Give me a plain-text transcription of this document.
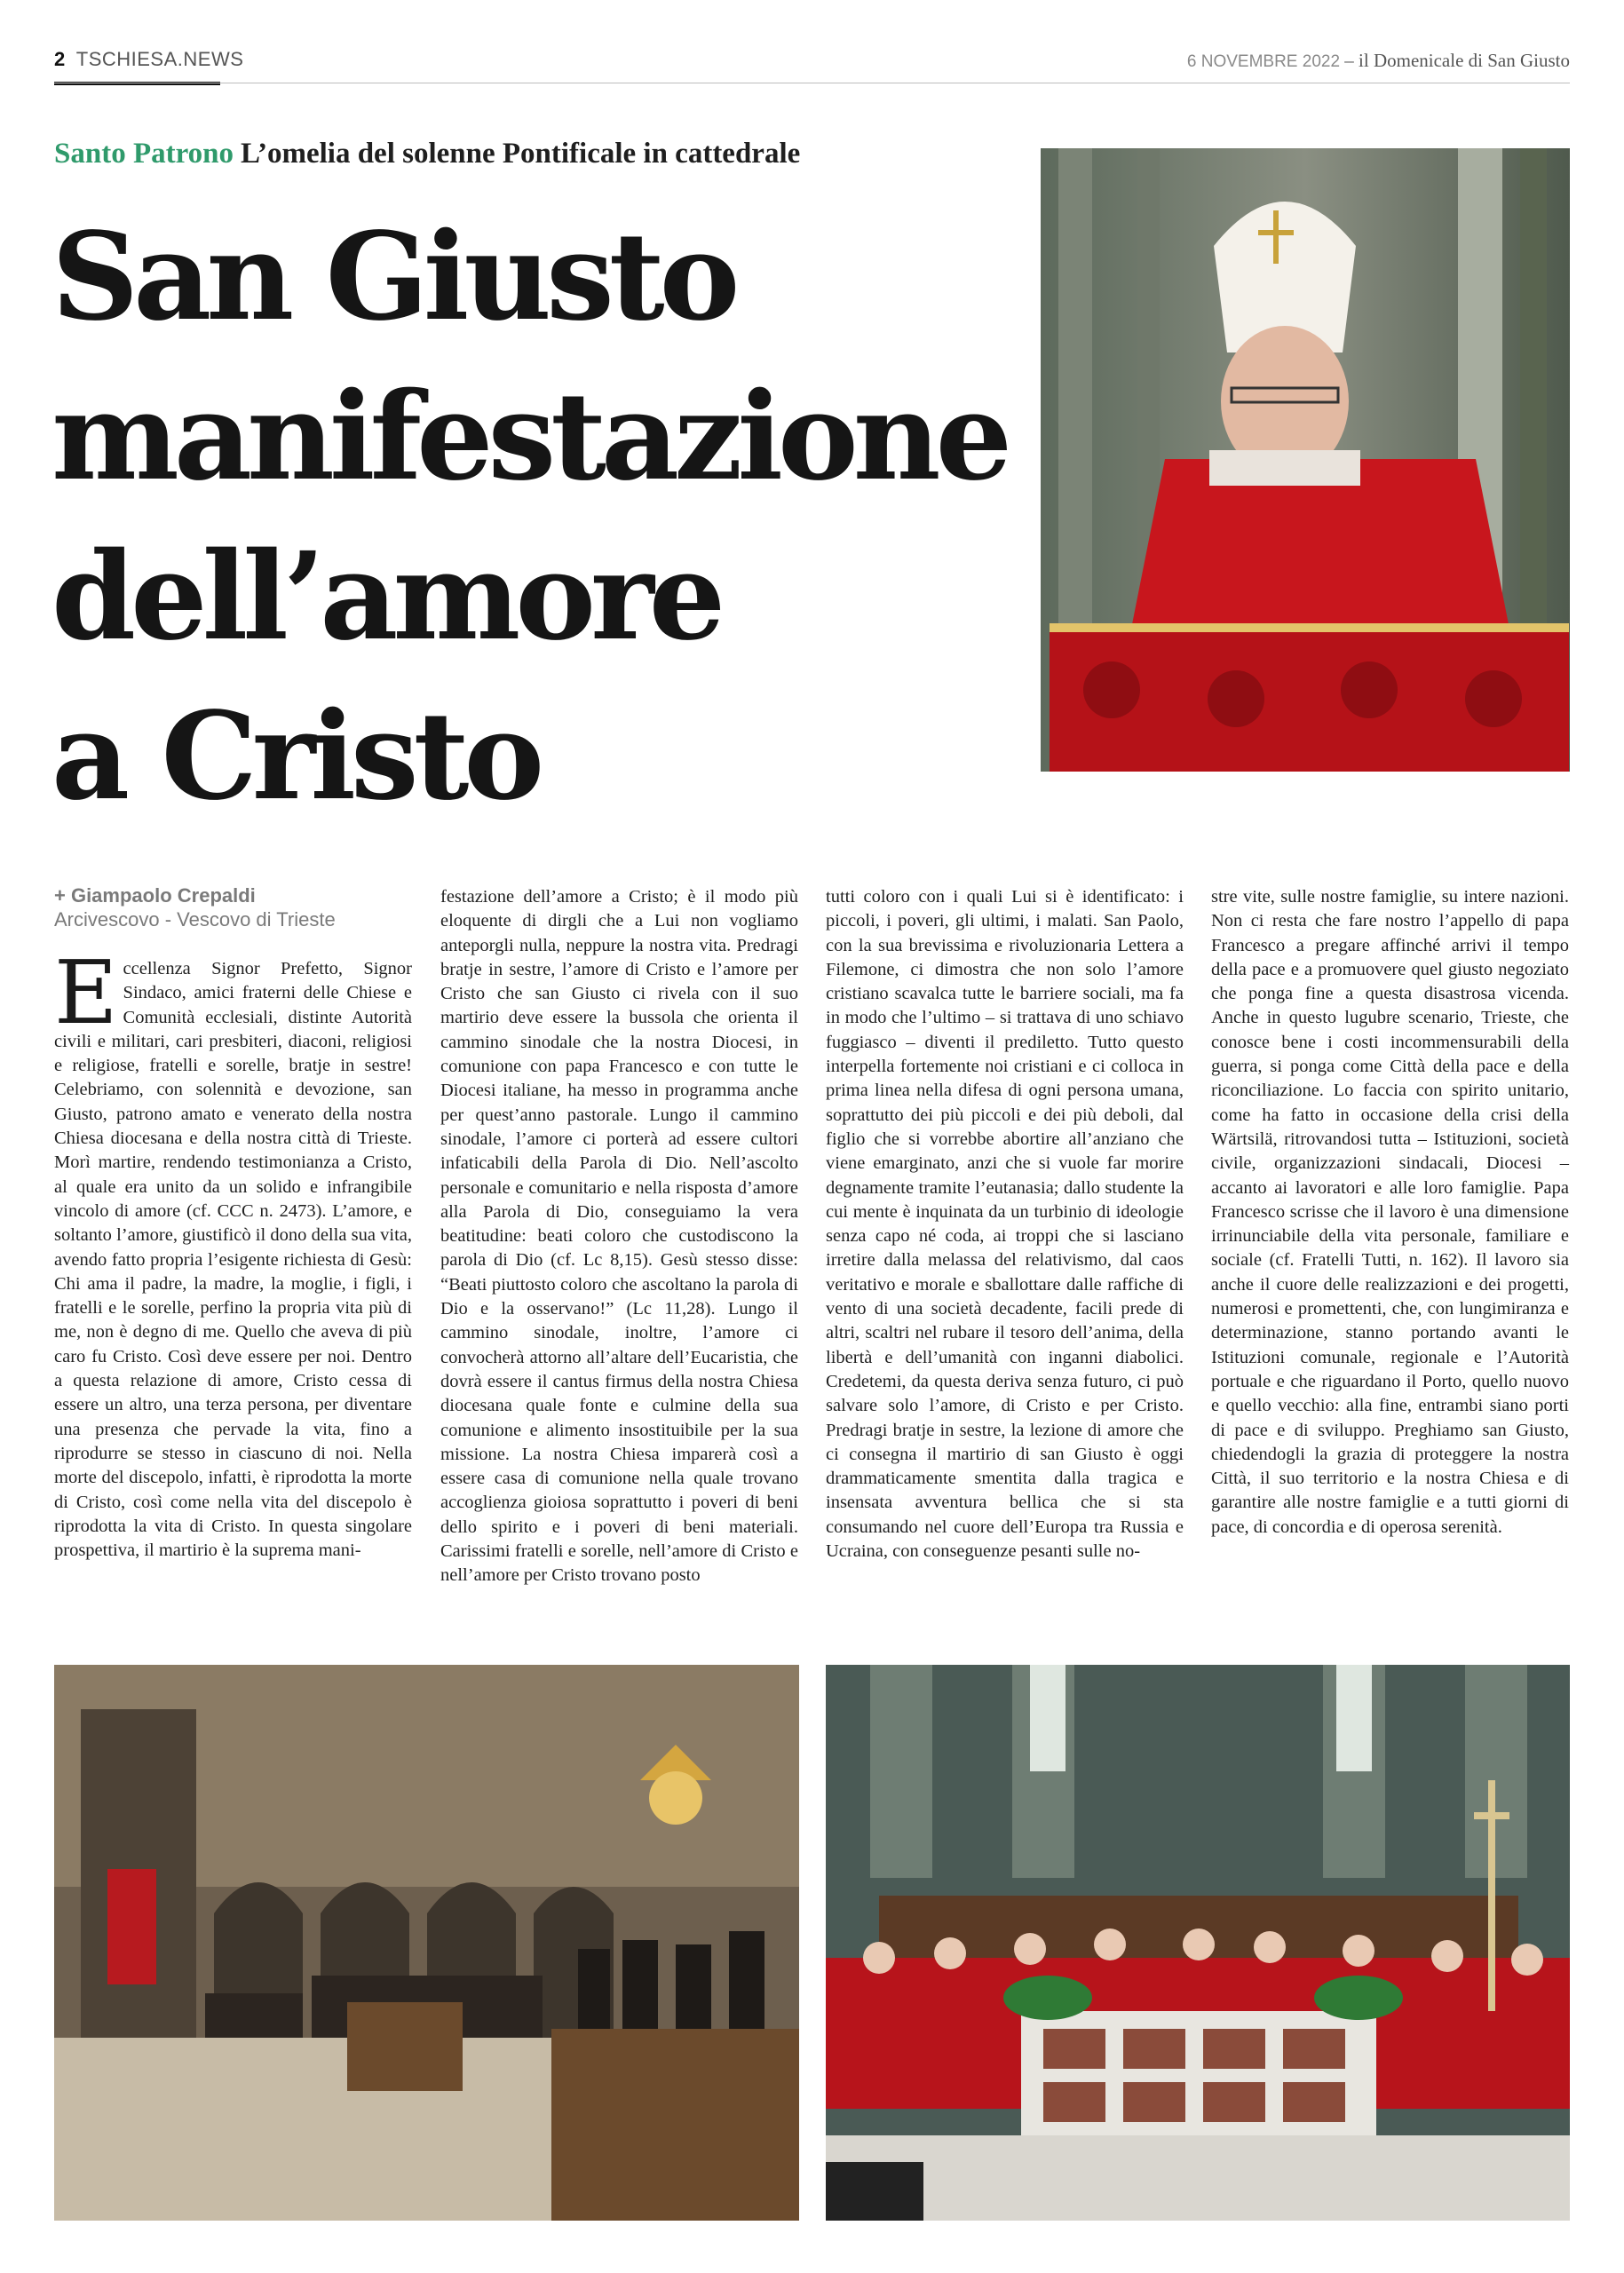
2 TSCHIESA.NEWS	6 NOVEMBRE 2022 – il Domenicale di San Giusto
Santo Patrono L’omelia del solenne Pontificale in cattedrale
San Giusto
manifestazione
dell’amore
a Cristo
+ Giampaolo Crepaldi
Arcivescovo - Vescovo di Trieste
E ccellenza Signor Prefetto, Signor Sindaco, amici fraterni delle Chiese e Comunità ecclesiali, distinte Autorità civili e militari, cari presbiteri, diaconi, religiosi e religiose, fratelli e sorelle, bratje in sestre! Celebriamo, con solennità e devozione, san Giusto, patrono amato e venerato della nostra Chiesa diocesana e della nostra città di Trieste. Morì martire, rendendo testimonianza a Cristo, al quale era unito da un solido e infrangibile vincolo di amore (cf. CCC n. 2473). L’amore, e soltanto l’amore, giustificò il dono della sua vita, avendo fatto propria l’esigente richiesta di Gesù: Chi ama il padre, la madre, la moglie, i figli, i fratelli e le sorelle, perfino la propria vita più di me, non è degno di me. Quello che aveva di più caro fu Cristo. Così deve essere per noi. Dentro a questa relazione di amore, Cristo cessa di essere un altro, una terza persona, per diventare una presenza che pervade la vita, fino a riprodurre se stesso in ciascuno di noi. Nella morte del discepolo, infatti, è riprodotta la morte di Cristo, così come nella vita del discepolo è riprodotta la vita di Cristo. In questa singolare prospettiva, il martirio è la suprema mani-

festazione dell’amore a Cristo; è il modo più eloquente di dirgli che a Lui non vogliamo anteporgli nulla, neppure la nostra vita. Predragi bratje in sestre, l’amore di Cristo e l’amore per Cristo che san Giusto ci rivela con il suo martirio deve essere la bussola che orienta il cammino sinodale che la nostra Diocesi, in comunione con papa Francesco e con tutte le Diocesi italiane, ha messo in programma anche per quest’anno pastorale. Lungo il cammino sinodale, l’amore ci porterà ad essere cultori infaticabili della Parola di Dio. Nell’ascolto personale e comunitario e nella risposta d’amore alla Parola di Dio, conseguiamo la vera beatitudine: beati coloro che custodiscono la parola di Dio (cf. Lc 8,15). Gesù stesso disse: “Beati piuttosto coloro che ascoltano la parola di Dio e la osservano!” (Lc 11,28). Lungo il cammino sinodale, inoltre, l’amore ci convocherà attorno all’altare dell’Eucaristia, che dovrà essere il cantus firmus della nostra Chiesa diocesana quale fonte e culmine della sua comunione e alimento insostituibile per la sua missione. La nostra Chiesa imparerà così a essere casa di comunione nella quale trovano accoglienza gioiosa soprattutto i poveri di beni dello spirito e i poveri di beni materiali. Carissimi fratelli e sorelle, nell’amore di Cristo e nell’amore per Cristo trovano posto

tutti coloro con i quali Lui si è identificato: i piccoli, i poveri, gli ultimi, i malati. San Paolo, con la sua brevissima e rivoluzionaria Lettera a Filemone, ci dimostra che non solo l’amore cristiano scavalca tutte le barriere sociali, ma fa in modo che l’ultimo – si trattava di uno schiavo fuggiasco – diventi il prediletto. Tutto questo interpella fortemente noi cristiani e ci colloca in prima linea nella difesa di ogni persona umana, soprattutto dei più piccoli e dei più deboli, dal figlio che si vorrebbe abortire all’anziano che viene emarginato, anzi che si vuole far morire degnamente tramite l’eutanasia; dallo studente la cui mente è inquinata da un turbinio di ideologie senza capo né coda, ai troppi che si lasciano irretire dalla melassa del relativismo, dal caos veritativo e morale e sballottare dalle raffiche di vento di una società decadente, facili prede di altri, scaltri nel rubare il tesoro dell’anima, della libertà e dell’umanità con inganni diabolici. Credetemi, da questa deriva senza futuro, ci può salvare solo l’amore, di Cristo e per Cristo. Predragi bratje in sestre, la lezione di amore che ci consegna il martirio di san Giusto è oggi drammaticamente smentita dalla tragica e insensata avventura bellica che si sta consumando nel cuore dell’Europa tra Russia e Ucraina, con conseguenze pesanti sulle no-

stre vite, sulle nostre famiglie, su intere nazioni. Non ci resta che fare nostro l’appello di papa Francesco a pregare affinché arrivi il tempo della pace e a promuovere quel giusto negoziato che ponga fine a questa disastrosa vicenda. Anche in questo lugubre scenario, Trieste, che conosce bene i costi incommensurabili della guerra, si ponga come Città della pace e della riconciliazione. Lo faccia con spirito unitario, come ha fatto in occasione della crisi della Wärtsilä, ritrovandosi tutta – Istituzioni, società civile, organizzazioni sindacali, Diocesi – accanto ai lavoratori e alle loro famiglie. Papa Francesco scrisse che il lavoro è una dimensione irrinunciabile della vita personale, familiare e sociale (cf. Fratelli Tutti, n. 162). Il lavoro sia anche il cuore delle realizzazioni e dei progetti, numerosi e promettenti, che, con lungimiranza e determinazione, stanno portando avanti le Istituzioni comunale, regionale e l’Autorità portuale e che riguardano il Porto, quello nuovo e quello vecchio: alla fine, entrambi siano porti di pace e di sviluppo. Preghiamo san Giusto, chiedendogli la grazia di proteggere la nostra Città, il suo territorio e la nostra Chiesa e di garantire alle nostre famiglie e a tutti giorni di pace, di concordia e di operosa serenità.
